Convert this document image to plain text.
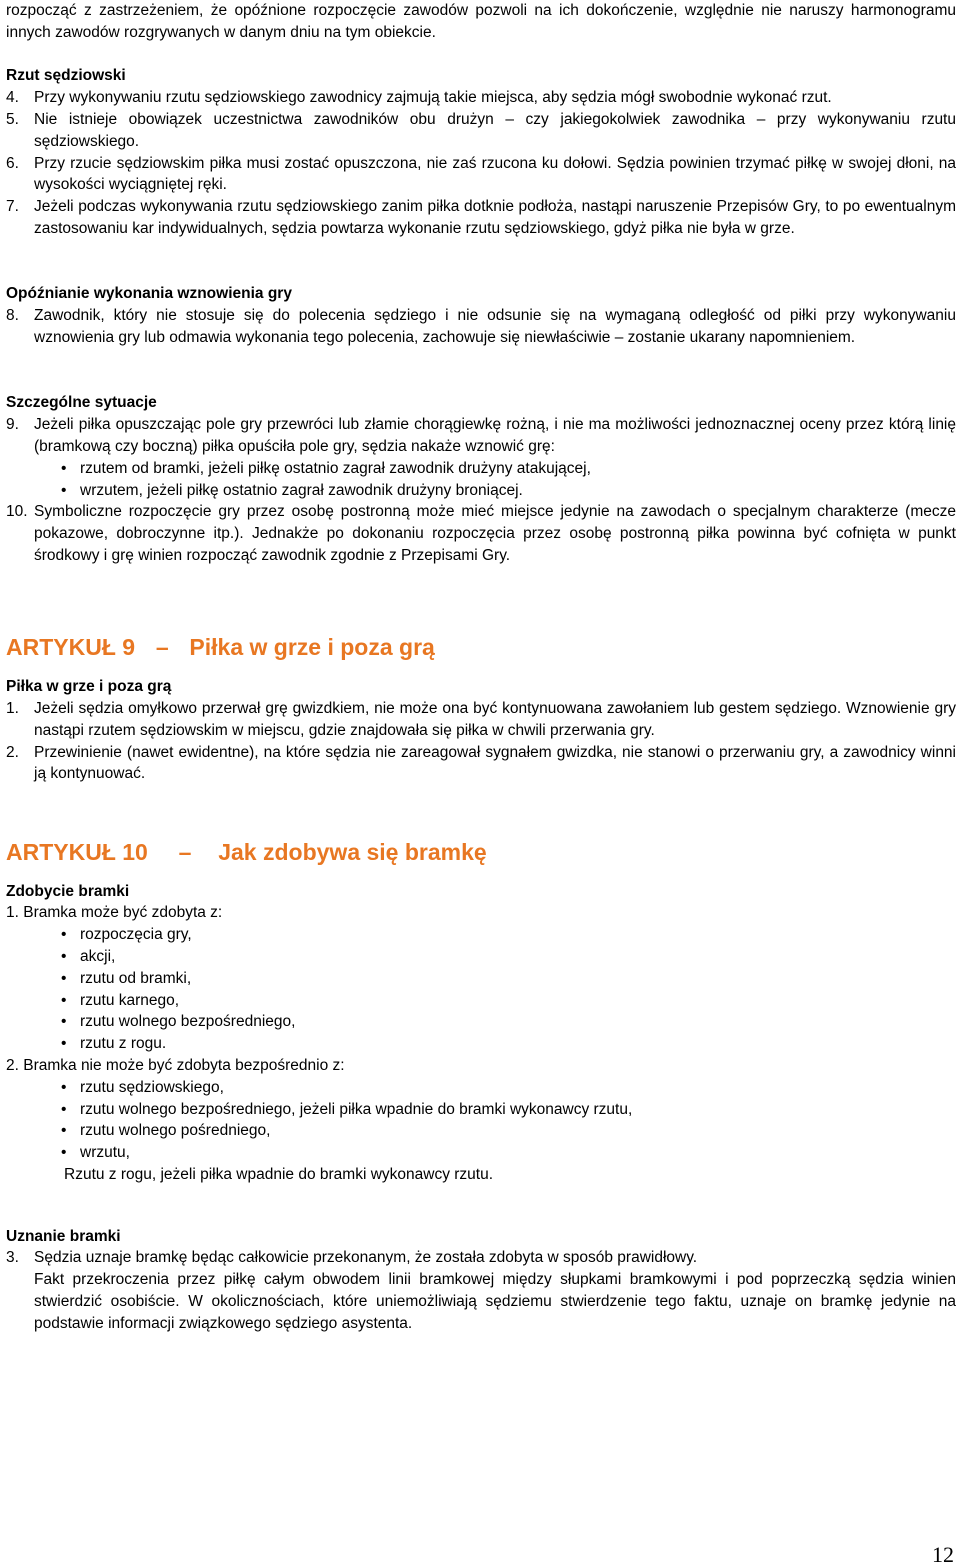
rozpocząć z zastrzeżeniem, że opóźnione rozpoczęcie zawodów pozwoli na ich dokończenie, względnie nie naruszy harmonogramu innych zawodów rozgrywanych w danym dniu na tym obiekcie.
Rzut sędziowski
4. Przy wykonywaniu rzutu sędziowskiego zawodnicy zajmują takie miejsca, aby sędzia mógł swobodnie wykonać rzut.
5. Nie istnieje obowiązek uczestnictwa zawodników obu drużyn – czy jakiegokolwiek zawodnika – przy wykonywaniu rzutu sędziowskiego.
6. Przy rzucie sędziowskim piłka musi zostać opuszczona, nie zaś rzucona ku dołowi. Sędzia powinien trzymać piłkę w swojej dłoni, na wysokości wyciągniętej ręki.
7. Jeżeli podczas wykonywania rzutu sędziowskiego zanim piłka dotknie podłoża, nastąpi naruszenie Przepisów Gry, to po ewentualnym zastosowaniu kar indywidualnych, sędzia powtarza wykonanie rzutu sędziowskiego, gdyż piłka nie była w grze.
Opóźnianie wykonania wznowienia gry
8. Zawodnik, który nie stosuje się do polecenia sędziego i nie odsunie się na wymaganą odległość od piłki przy wykonywaniu wznowienia gry lub odmawia wykonania tego polecenia, zachowuje się niewłaściwie – zostanie ukarany napomnieniem.
Szczególne sytuacje
9. Jeżeli piłka opuszczając pole gry przewróci lub złamie chorągiewkę rożną, i nie ma możliwości jednoznacznej oceny przez którą linię (bramkową czy boczną) piłka opuściła pole gry, sędzia nakaże wznowić grę:
• rzutem od bramki, jeżeli piłkę ostatnio zagrał zawodnik drużyny atakującej,
• wrzutem, jeżeli piłkę ostatnio zagrał zawodnik drużyny broniącej.
10. Symboliczne rozpoczęcie gry przez osobę postronną może mieć miejsce jedynie na zawodach o specjalnym charakterze (mecze pokazowe, dobroczynne itp.). Jednakże po dokonaniu rozpoczęcia przez osobę postronną piłka powinna być cofnięta w punkt środkowy i grę winien rozpocząć zawodnik zgodnie z Przepisami Gry.
ARTYKUŁ 9 – Piłka w grze i poza grą
Piłka w grze i poza grą
1. Jeżeli sędzia omyłkowo przerwał grę gwizdkiem, nie może ona być kontynuowana zawołaniem lub gestem sędziego. Wznowienie gry nastąpi rzutem sędziowskim w miejscu, gdzie znajdowała się piłka w chwili przerwania gry.
2. Przewinienie (nawet ewidentne), na które sędzia nie zareagował sygnałem gwizdka, nie stanowi o przerwaniu gry, a zawodnicy winni ją kontynuować.
ARTYKUŁ 10 – Jak zdobywa się bramkę
Zdobycie bramki
1. Bramka może być zdobyta z:
• rozpoczęcia gry,
• akcji,
• rzutu od bramki,
• rzutu karnego,
• rzutu wolnego bezpośredniego,
• rzutu z rogu.
2. Bramka nie może być zdobyta bezpośrednio z:
• rzutu sędziowskiego,
• rzutu wolnego bezpośredniego, jeżeli piłka wpadnie do bramki wykonawcy rzutu,
• rzutu wolnego pośredniego,
• wrzutu,
Rzutu z rogu, jeżeli piłka wpadnie do bramki wykonawcy rzutu.
Uznanie bramki
3. Sędzia uznaje bramkę będąc całkowicie przekonanym, że została zdobyta w sposób prawidłowy.
Fakt przekroczenia przez piłkę całym obwodem linii bramkowej między słupkami bramkowymi i pod poprzeczką sędzia winien stwierdzić osobiście. W okolicznościach, które uniemożliwiają sędziemu stwierdzenie tego faktu, uznaje on bramkę jedynie na podstawie informacji związkowego sędziego asystenta.
12
